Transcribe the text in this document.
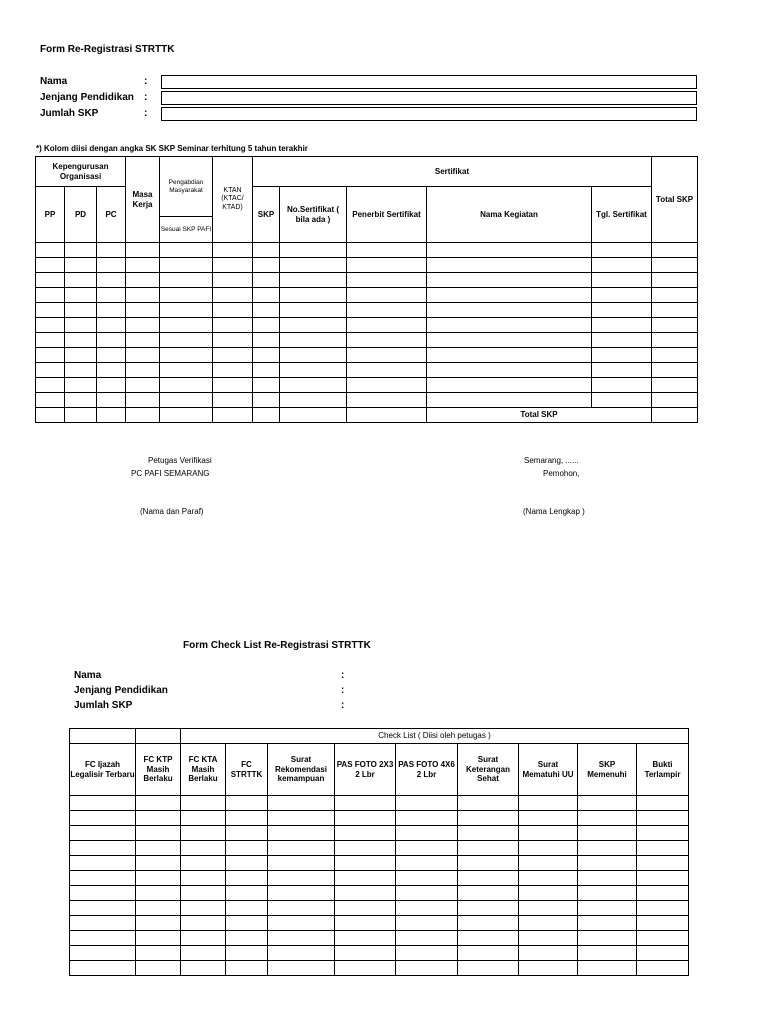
Form Re-Registrasi STRTTK
Nama	:
Jenjang Pendidikan :
Jumlah SKP	:
*) Kolom diisi dengan angka SK SKP Seminar terhitung 5 tahun terakhir
Kepengurusan Organisasi			Masa Kerja	Pengabdian Masyarakat	KTAN (KTAC/ KTAD)	Sertifikat					Total SKP
PP	PD	PC				SKP	No.Sertifikat ( bila ada )	Penerbit Sertifikat	Nama Kegiatan	Tgl. Sertifikat	
				Sesuai SKP PAFI							

									Total SKP		
Petugas Verifikasi
PC PAFI SEMARANG
(Nama dan Paraf)
Semarang, ......
Pemohon,
(Nama Lengkap )
Form Check List Re-Registrasi STRTTK
Nama	:
Jenjang Pendidikan	:
Jumlah SKP	:
		Check List ( Diisi oleh petugas )								
FC Ijazah Legalisir Terbaru	FC KTP Masih Berlaku	FC KTA Masih Berlaku	FC STRTTK	Surat Rekomendasi kemampuan	PAS FOTO 2X3 2 Lbr	PAS FOTO 4X6 2 Lbr	Surat Keterangan Sehat	Surat Mematuhi UU	SKP Memenuhi	Bukti Terlampir
